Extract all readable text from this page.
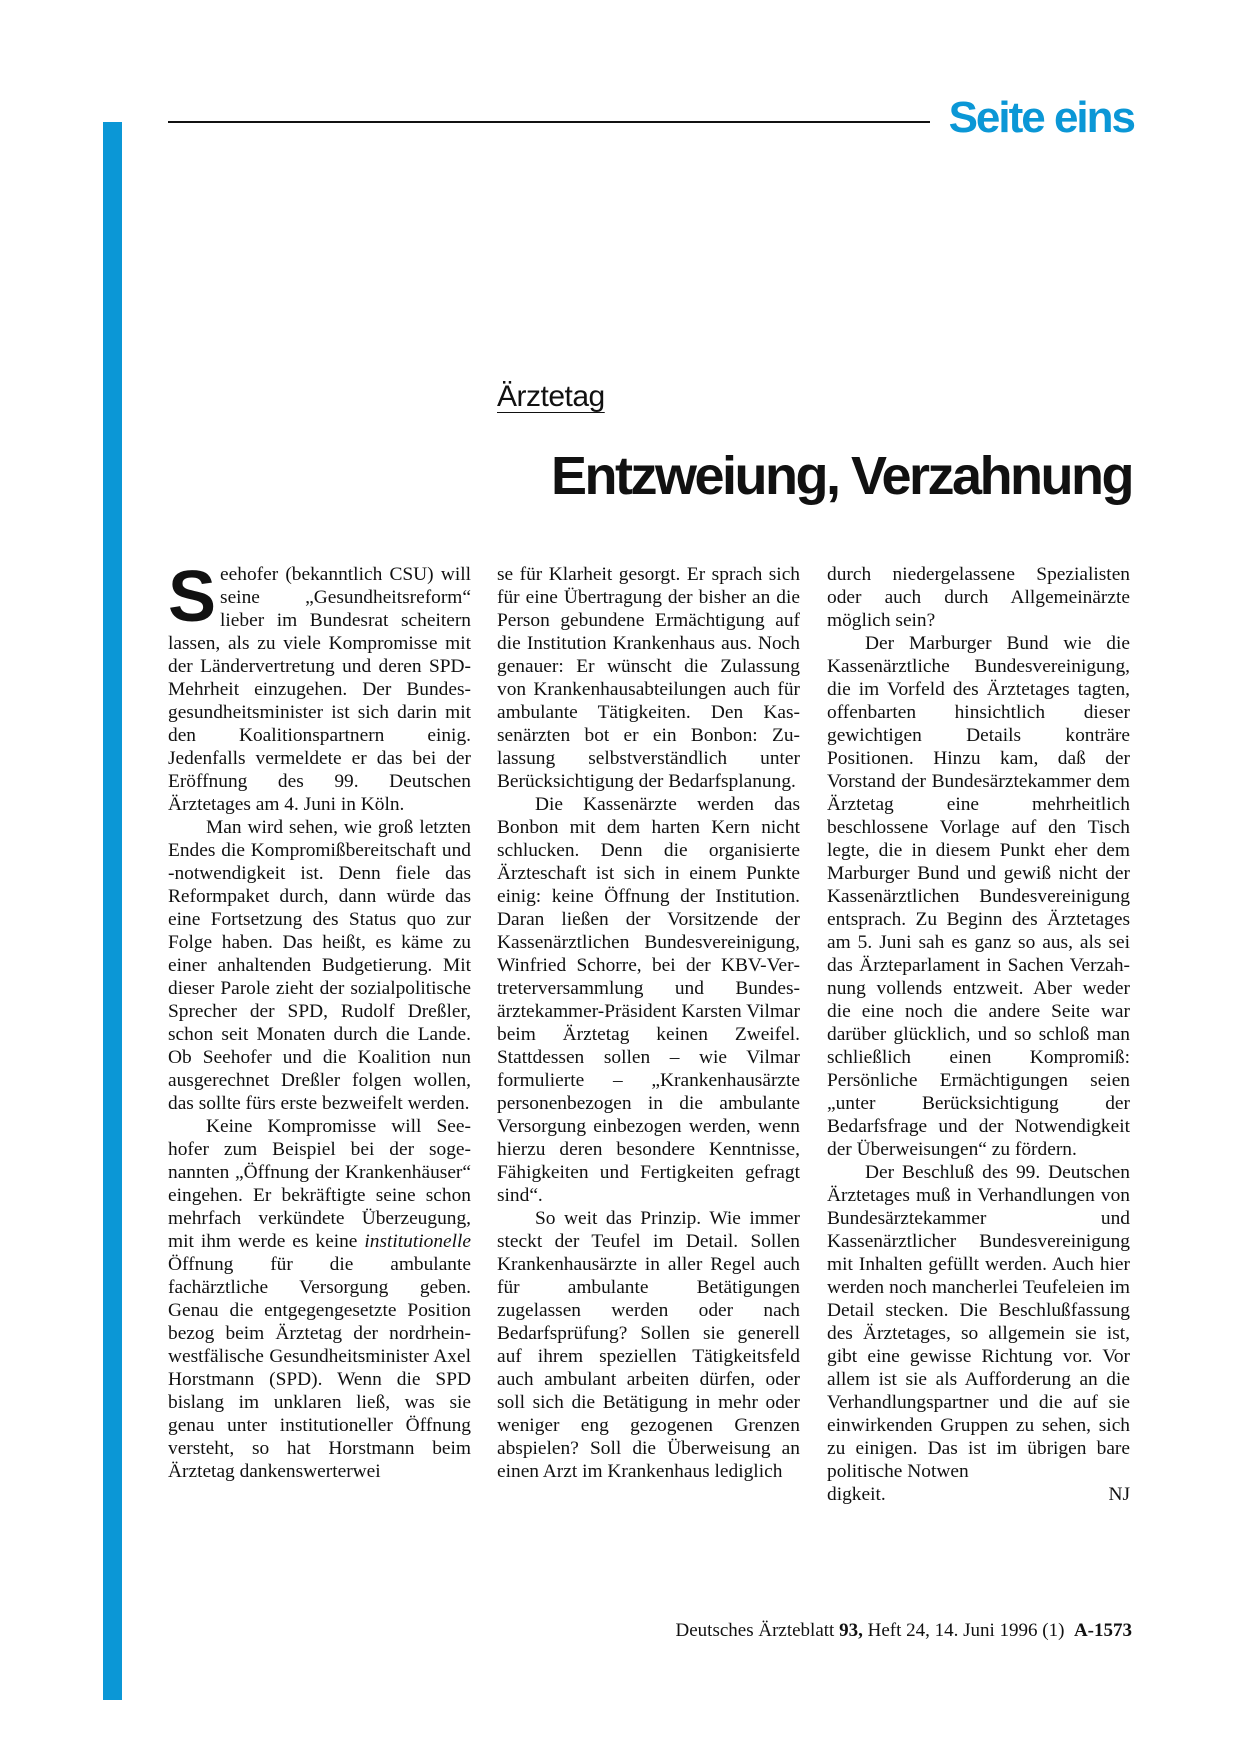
Seite eins
Ärztetag
Entzweiung, Verzahnung

Seehofer (bekanntlich CSU) will seine „Gesundheitsreform“ lieber im Bundesrat scheitern lassen, als zu viele Kompromisse mit der Ländervertretung und deren SPD-Mehrheit einzugehen. Der Bundesgesundheitsminister ist sich darin mit den Koalitionspartnern einig. Jedenfalls vermeldete er das bei der Eröffnung des 99. Deutschen Ärztetages am 4. Juni in Köln.

Man wird sehen, wie groß letzten Endes die Kompromißbereitschaft und -notwendigkeit ist. Denn fiele das Reformpaket durch, dann würde das eine Fortsetzung des Status quo zur Folge haben. Das heißt, es käme zu einer anhaltenden Budgetierung. Mit dieser Parole zieht der sozialpolitische Sprecher der SPD, Rudolf Dreßler, schon seit Monaten durch die Lande. Ob Seehofer und die Koalition nun ausgerechnet Dreßler folgen wollen, das sollte fürs erste bezweifelt werden.

Keine Kompromisse will Seehofer zum Beispiel bei der sogenannten „Öffnung der Krankenhäuser“ eingehen. Er bekräftigte seine schon mehrfach verkündete Überzeugung, mit ihm werde es keine institutionelle Öffnung für die ambulante fachärztliche Versorgung geben. Genau die entgegengesetzte Position bezog beim Ärztetag der nordrhein-westfälische Gesundheitsminister Axel Horstmann (SPD). Wenn die SPD bislang im unklaren ließ, was sie genau unter institutioneller Öffnung versteht, so hat Horstmann beim Ärztetag dankenswerterwei

se für Klarheit gesorgt. Er sprach sich für eine Übertragung der bisher an die Person gebundene Ermächtigung auf die Institution Krankenhaus aus. Noch genauer: Er wünscht die Zulassung von Krankenhausabteilungen auch für ambulante Tätigkeiten. Den Kassenärzten bot er ein Bonbon: Zulassung selbstverständlich unter Berücksichtigung der Bedarfsplanung.

Die Kassenärzte werden das Bonbon mit dem harten Kern nicht schlucken. Denn die organisierte Ärzteschaft ist sich in einem Punkte einig: keine Öffnung der Institution. Daran ließen der Vorsitzende der Kassenärztlichen Bundesvereinigung, Winfried Schorre, bei der KBV-Vertreterversammlung und Bundesärztekammer-Präsident Karsten Vilmar beim Ärztetag keinen Zweifel. Stattdessen sollen – wie Vilmar formulierte – „Krankenhausärzte personenbezogen in die ambulante Versorgung einbezogen werden, wenn hierzu deren besondere Kenntnisse, Fähigkeiten und Fertigkeiten gefragt sind“.

So weit das Prinzip. Wie immer steckt der Teufel im Detail. Sollen Krankenhausärzte in aller Regel auch für ambulante Betätigungen zugelassen werden oder nach Bedarfsprüfung? Sollen sie generell auf ihrem speziellen Tätigkeitsfeld auch ambulant arbeiten dürfen, oder soll sich die Betätigung in mehr oder weniger eng gezogenen Grenzen abspielen? Soll die Überweisung an einen Arzt im Krankenhaus lediglich

durch niedergelassene Spezialisten oder auch durch Allgemeinärzte möglich sein?

Der Marburger Bund wie die Kassenärztliche Bundesvereinigung, die im Vorfeld des Ärztetages tagten, offenbarten hinsichtlich dieser gewichtigen Details konträre Positionen. Hinzu kam, daß der Vorstand der Bundesärztekammer dem Ärztetag eine mehrheitlich beschlossene Vorlage auf den Tisch legte, die in diesem Punkt eher dem Marburger Bund und gewiß nicht der Kassenärztlichen Bundesvereinigung entsprach. Zu Beginn des Ärztetages am 5. Juni sah es ganz so aus, als sei das Ärzteparlament in Sachen Verzahnung vollends entzweit. Aber weder die eine noch die andere Seite war darüber glücklich, und so schloß man schließlich einen Kompromiß: Persönliche Ermächtigungen seien „unter Berücksichtigung der Bedarfsfrage und der Notwendigkeit der Überweisungen“ zu fördern.

Der Beschluß des 99. Deutschen Ärztetages muß in Verhandlungen von Bundesärztekammer und Kassenärztlicher Bundesvereinigung mit Inhalten gefüllt werden. Auch hier werden noch mancherlei Teufeleien im Detail stecken. Die Beschlußfassung des Ärztetages, so allgemein sie ist, gibt eine gewisse Richtung vor. Vor allem ist sie als Aufforderung an die Verhandlungspartner und die auf sie einwirkenden Gruppen zu sehen, sich zu einigen. Das ist im übrigen bare politische Notwen

digkeit.	NJ

Deutsches Ärzteblatt 93, Heft 24, 14. Juni 1996 (1)  A-1573
